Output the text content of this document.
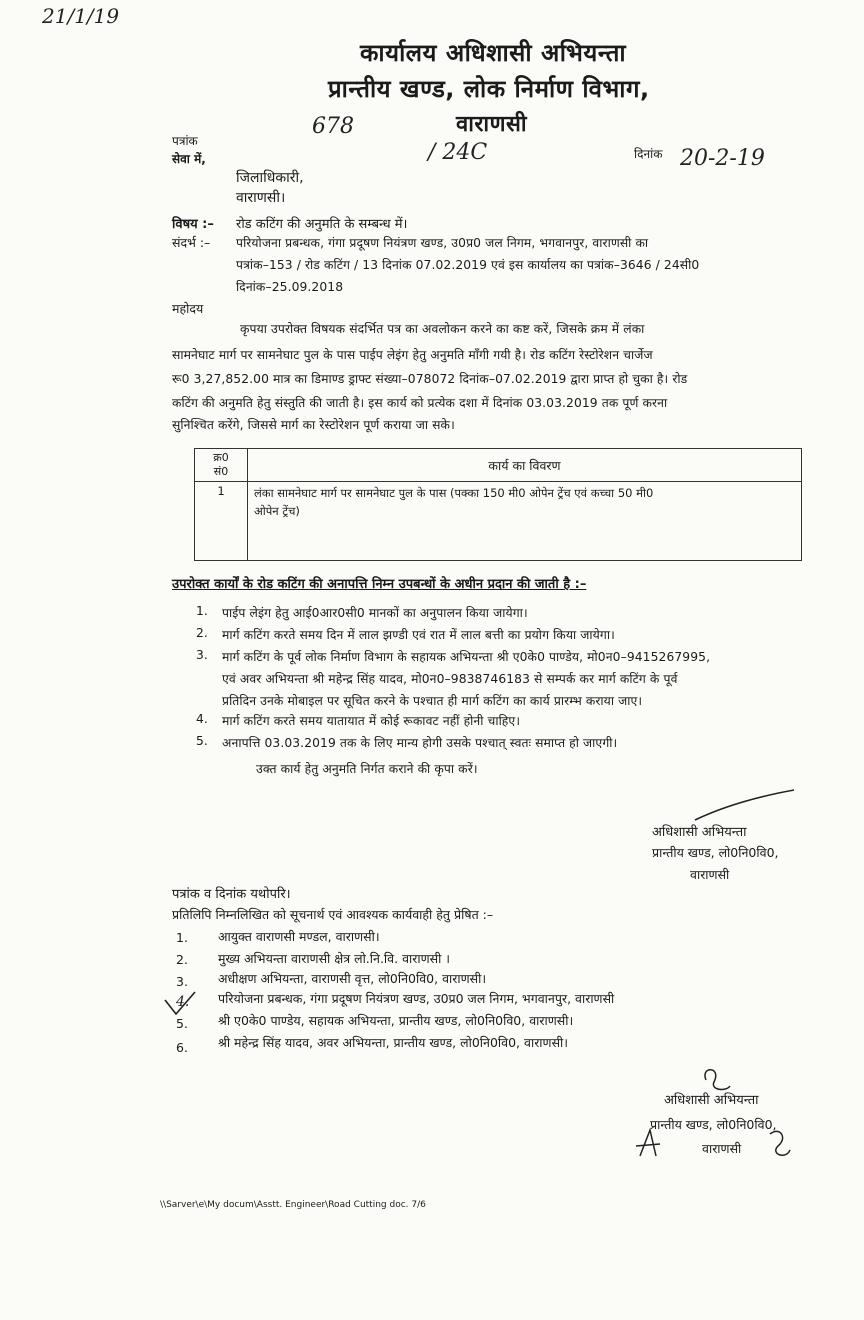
21/1/19
कार्यालय अधिशासी अभियन्ता
प्रान्तीय खण्ड, लोक निर्माण विभाग,
वाराणसी
पत्रांक
678
सेवा में,	/ 24C	दिनांक 20-2-19
जिलाधिकारी,
वाराणसी।
विषय :– रोड कटिंग की अनुमति के सम्बन्ध में।
संदर्भ :– परियोजना प्रबन्धक, गंगा प्रदूषण नियंत्रण खण्ड, उ0प्र0 जल निगम, भगवानपुर, वाराणसी का
पत्रांक–153 / रोड कटिंग / 13 दिनांक 07.02.2019 एवं इस कार्यालय का पत्रांक–3646 / 24सी0
दिनांक–25.09.2018
महोदय
कृपया उपरोक्त विषयक संदर्भित पत्र का अवलोकन करने का कष्ट करें, जिसके क्रम में लंका
सामनेघाट मार्ग पर सामनेघाट पुल के पास पाईप लेइंग हेतु अनुमति माँगी गयी है। रोड कटिंग रेस्टोरेशन चार्जेज
रू0 3,27,852.00 मात्र का डिमाण्ड ड्राफ्ट संख्या–078072 दिनांक–07.02.2019 द्वारा प्राप्त हो चुका है। रोड
कटिंग की अनुमति हेतु संस्तुति की जाती है। इस कार्य को प्रत्येक दशा में दिनांक 03.03.2019 तक पूर्ण करना
सुनिश्चित करेंगे, जिससे मार्ग का रेस्टोरेशन पूर्ण कराया जा सके।
क्र0
सं0	कार्य का विवरण
1	लंका सामनेघाट मार्ग पर सामनेघाट पुल के पास (पक्का 150 मी0 ओपेन ट्रेंच एवं कच्चा 50 मी0
ओपेन ट्रेंच)
उपरोक्त कार्यों के रोड कटिंग की अनापत्ति निम्न उपबन्धों के अधीन प्रदान की जाती है :–
1. पाईप लेइंग हेतु आई0आर0सी0 मानकों का अनुपालन किया जायेगा।
2. मार्ग कटिंग करते समय दिन में लाल झण्डी एवं रात में लाल बत्ती का प्रयोग किया जायेगा।
3. मार्ग कटिंग के पूर्व लोक निर्माण विभाग के सहायक अभियन्ता श्री ए0के0 पाण्डेय, मो0न0–9415267995,
एवं अवर अभियन्ता श्री महेन्द्र सिंह यादव, मो0न0–9838746183 से सम्पर्क कर मार्ग कटिंग के पूर्व
प्रतिदिन उनके मोबाइल पर सूचित करने के पश्चात ही मार्ग कटिंग का कार्य प्रारम्भ कराया जाए।
4. मार्ग कटिंग करते समय यातायात में कोई रूकावट नहीं होनी चाहिए।
5. अनापत्ति 03.03.2019 तक के लिए मान्य होगी उसके पश्चात् स्वतः समाप्त हो जाएगी।
उक्त कार्य हेतु अनुमति निर्गत कराने की कृपा करें।
अधिशासी अभियन्ता
प्रान्तीय खण्ड, लो0नि0वि0,
वाराणसी
पत्रांक व दिनांक यथोपरि।
प्रतिलिपि निम्नलिखित को सूचनार्थ एवं आवश्यक कार्यवाही हेतु प्रेषित :–
1. आयुक्त वाराणसी मण्डल, वाराणसी।
2. मुख्य अभियन्ता वाराणसी क्षेत्र लो.नि.वि. वाराणसी ।
3. अधीक्षण अभियन्ता, वाराणसी वृत्त, लो0नि0वि0, वाराणसी।
4. परियोजना प्रबन्धक, गंगा प्रदूषण नियंत्रण खण्ड, उ0प्र0 जल निगम, भगवानपुर, वाराणसी
5. श्री ए0के0 पाण्डेय, सहायक अभियन्ता, प्रान्तीय खण्ड, लो0नि0वि0, वाराणसी।
6. श्री महेन्द्र सिंह यादव, अवर अभियन्ता, प्रान्तीय खण्ड, लो0नि0वि0, वाराणसी।
अधिशासी अभियन्ता
प्रान्तीय खण्ड, लो0नि0वि0,
वाराणसी
\\Sarver\e\My docum\Asstt. Engineer\Road Cutting doc. 7/6
